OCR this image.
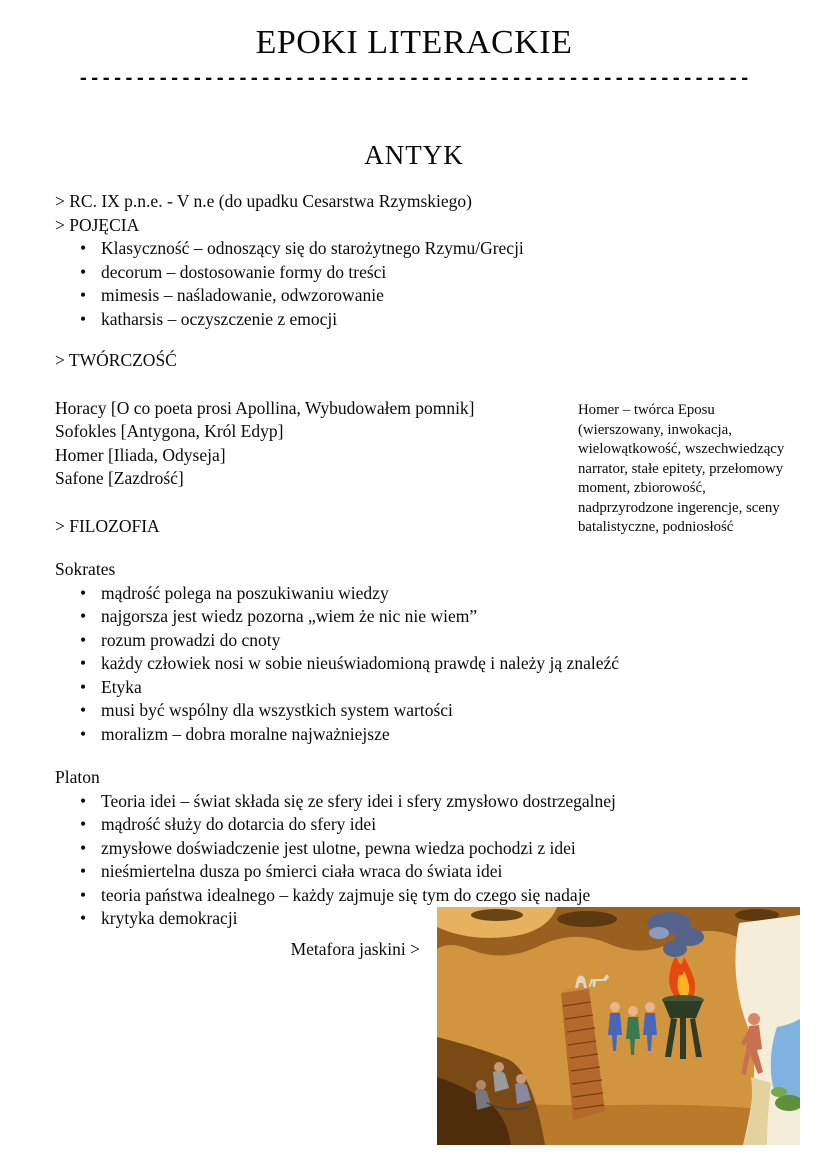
EPOKI LITERACKIE
-----------------------------------------------------------
ANTYK

> RC. IX p.n.e. - V n.e (do upadku Cesarstwa Rzymskiego)

> POJĘCIA

• Klasyczność – odnoszący się do starożytnego Rzymu/Grecji
• decorum – dostosowanie formy do treści
• mimesis – naśladowanie, odwzorowanie
• katharsis – oczyszczenie z emocji

> TWÓRCZOŚĆ

Horacy [O co poeta prosi Apollina, Wybudowałem pomnik]

Sofokles [Antygona, Król Edyp]

Homer [Iliada, Odyseja]

Safone [Zazdrość]

> FILOZOFIA

Sokrates

• mądrość polega na poszukiwaniu wiedzy
• najgorsza jest wiedz pozorna „wiem że nic nie wiem”
• rozum prowadzi do cnoty
• każdy człowiek nosi w sobie nieuświadomioną prawdę i należy ją znaleźć
• Etyka
• musi być wspólny dla wszystkich system wartości
• moralizm – dobra moralne najważniejsze

Platon

• Teoria idei – świat składa się ze sfery idei i sfery zmysłowo dostrzegalnej
• mądrość służy do dotarcia do sfery idei
• zmysłowe doświadczenie jest ulotne, pewna wiedza pochodzi z idei
• nieśmiertelna dusza po śmierci ciała wraca do świata idei
• teoria państwa idealnego – każdy zajmuje się tym do czego się nadaje
• krytyka demokracji
Homer – twórca Eposu (wierszowany, inwokacja, wielowątkowość, wszechwiedzący narrator, stałe epitety, przełomowy moment, zbiorowość, nadprzyrodzone ingerencje, sceny batalistyczne, podniosłość
Metafora jaskini >
